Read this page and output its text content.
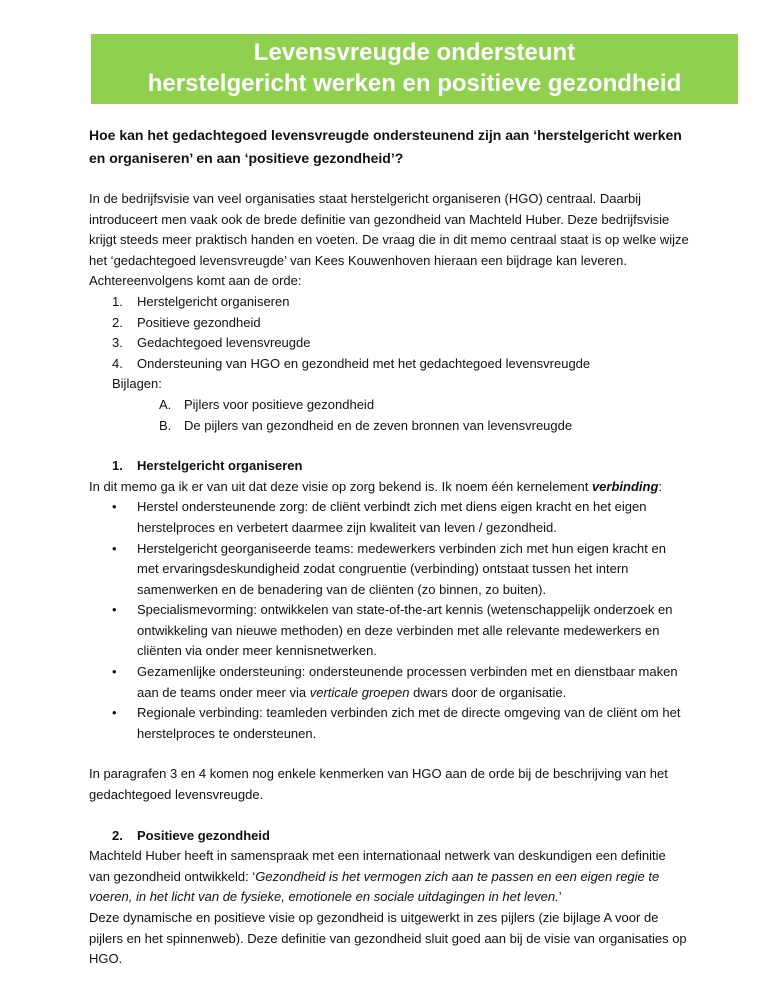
Levensvreugde ondersteunt
herstelgericht werken en positieve gezondheid

Hoe kan het gedachtegoed levensvreugde ondersteunend zijn aan ‘herstelgericht werken en organiseren’ en aan ‘positieve gezondheid’?

In de bedrijfsvisie van veel organisaties staat herstelgericht organiseren (HGO) centraal. Daarbij introduceert men vaak ook de brede definitie van gezondheid van Machteld Huber. Deze bedrijfsvisie krijgt steeds meer praktisch handen en voeten. De vraag die in dit memo centraal staat is op welke wijze het ‘gedachtegoed levensvreugde’ van Kees Kouwenhoven hieraan een bijdrage kan leveren. Achtereenvolgens komt aan de orde:

1.	Herstelgericht organiseren
2.	Positieve gezondheid
3.	Gedachtegoed levensvreugde
4.	Ondersteuning van HGO en gezondheid met het gedachtegoed levensvreugde
Bijlagen:
A. Pijlers voor positieve gezondheid
B. De pijlers van gezondheid en de zeven bronnen van levensvreugde
1.	Herstelgericht organiseren

In dit memo ga ik er van uit dat deze visie op zorg bekend is. Ik noem één kernelement verbinding:

•	Herstel ondersteunende zorg: de cliënt verbindt zich met diens eigen kracht en het eigen herstelproces en verbetert daarmee zijn kwaliteit van leven / gezondheid.
•	Herstelgericht georganiseerde teams: medewerkers verbinden zich met hun eigen kracht en met ervaringsdeskundigheid zodat congruentie (verbinding) ontstaat tussen het intern samenwerken en de benadering van de cliënten (zo binnen, zo buiten).
•	Specialismevorming: ontwikkelen van state-of-the-art kennis (wetenschappelijk onderzoek en ontwikkeling van nieuwe methoden) en deze verbinden met alle relevante medewerkers en cliënten via onder meer kennisnetwerken.
•	Gezamenlijke ondersteuning: ondersteunende processen verbinden met en dienstbaar maken aan de teams onder meer via verticale groepen dwars door de organisatie.
•	Regionale verbinding: teamleden verbinden zich met de directe omgeving van de cliënt om het herstelproces te ondersteunen.

In paragrafen 3 en 4 komen nog enkele kenmerken van HGO aan de orde bij de beschrijving van het gedachtegoed levensvreugde.

2.	Positieve gezondheid

Machteld Huber heeft in samenspraak met een internationaal netwerk van deskundigen een definitie van gezondheid ontwikkeld: ‘Gezondheid is het vermogen zich aan te passen en een eigen regie te voeren, in het licht van de fysieke, emotionele en sociale uitdagingen in het leven.’

Deze dynamische en positieve visie op gezondheid is uitgewerkt in zes pijlers (zie bijlage A voor de pijlers en het spinnenweb). Deze definitie van gezondheid sluit goed aan bij de visie van organisaties op HGO.
